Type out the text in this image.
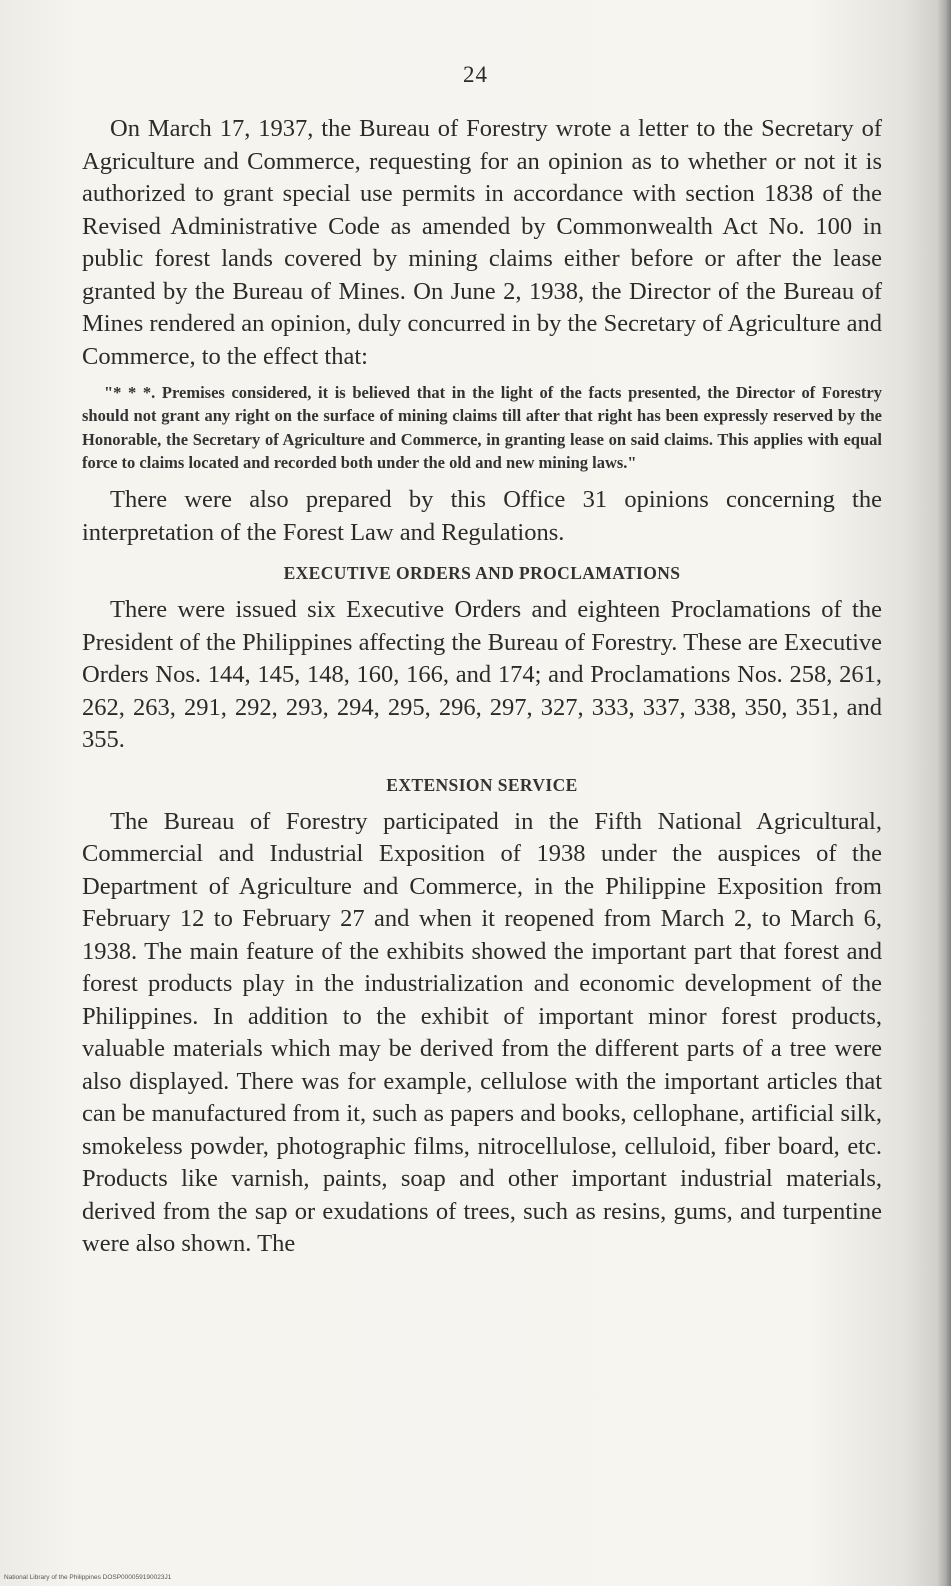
24

On March 17, 1937, the Bureau of Forestry wrote a letter to the Secretary of Agriculture and Commerce, requesting for an opinion as to whether or not it is authorized to grant special use permits in accordance with section 1838 of the Revised Administrative Code as amended by Commonwealth Act No. 100 in public forest lands covered by mining claims either before or after the lease granted by the Bureau of Mines. On June 2, 1938, the Director of the Bureau of Mines rendered an opinion, duly concurred in by the Secretary of Agriculture and Commerce, to the effect that:

"* * *. Premises considered, it is believed that in the light of the facts presented, the Director of Forestry should not grant any right on the surface of mining claims till after that right has been expressly reserved by the Honorable, the Secretary of Agriculture and Commerce, in granting lease on said claims. This applies with equal force to claims located and recorded both under the old and new mining laws."

There were also prepared by this Office 31 opinions concerning the interpretation of the Forest Law and Regulations.

EXECUTIVE ORDERS AND PROCLAMATIONS

There were issued six Executive Orders and eighteen Proclamations of the President of the Philippines affecting the Bureau of Forestry. These are Executive Orders Nos. 144, 145, 148, 160, 166, and 174; and Proclamations Nos. 258, 261, 262, 263, 291, 292, 293, 294, 295, 296, 297, 327, 333, 337, 338, 350, 351, and 355.

EXTENSION SERVICE

The Bureau of Forestry participated in the Fifth National Agricultural, Commercial and Industrial Exposition of 1938 under the auspices of the Department of Agriculture and Commerce, in the Philippine Exposition from February 12 to February 27 and when it reopened from March 2, to March 6, 1938. The main feature of the exhibits showed the important part that forest and forest products play in the industrialization and economic development of the Philippines. In addition to the exhibit of important minor forest products, valuable materials which may be derived from the different parts of a tree were also displayed. There was for example, cellulose with the important articles that can be manufactured from it, such as papers and books, cellophane, artificial silk, smokeless powder, photographic films, nitrocellulose, celluloid, fiber board, etc. Products like varnish, paints, soap and other important industrial materials, derived from the sap or exudations of trees, such as resins, gums, and turpentine were also shown. The

National Library of the Philippines DOSP000059190023J1
